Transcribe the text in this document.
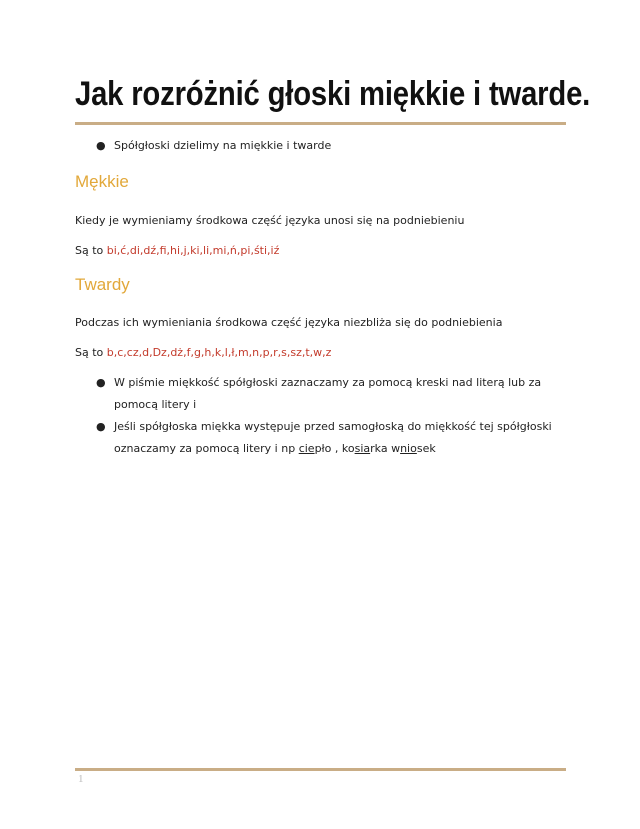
Jak rozróżnić głoski miękkie i twarde.
● Spółgłoski dzielimy na miękkie i twarde
Mękkie
Kiedy je wymieniamy środkowa część języka unosi się na podniebieniu
Są to bi,ć,di,dź,fi,hi,j,ki,li,mi,ń,pi,śti,iź
Twardy
Podczas ich wymieniania środkowa część języka niezbliża się do podniebienia
Są to b,c,cz,d,Dz,dż,f,g,h,k,l,ł,m,n,p,r,s,sz,t,w,z
● W piśmie miękkość spółgłoski zaznaczamy za pomocą kreski nad literą lub za
pomocą litery i
● Jeśli spółgłoska miękka występuje przed samogłoską do miękkość tej spółgłoski
oznaczamy za pomocą litery i np ciepło , kosiarka wniosek
1
